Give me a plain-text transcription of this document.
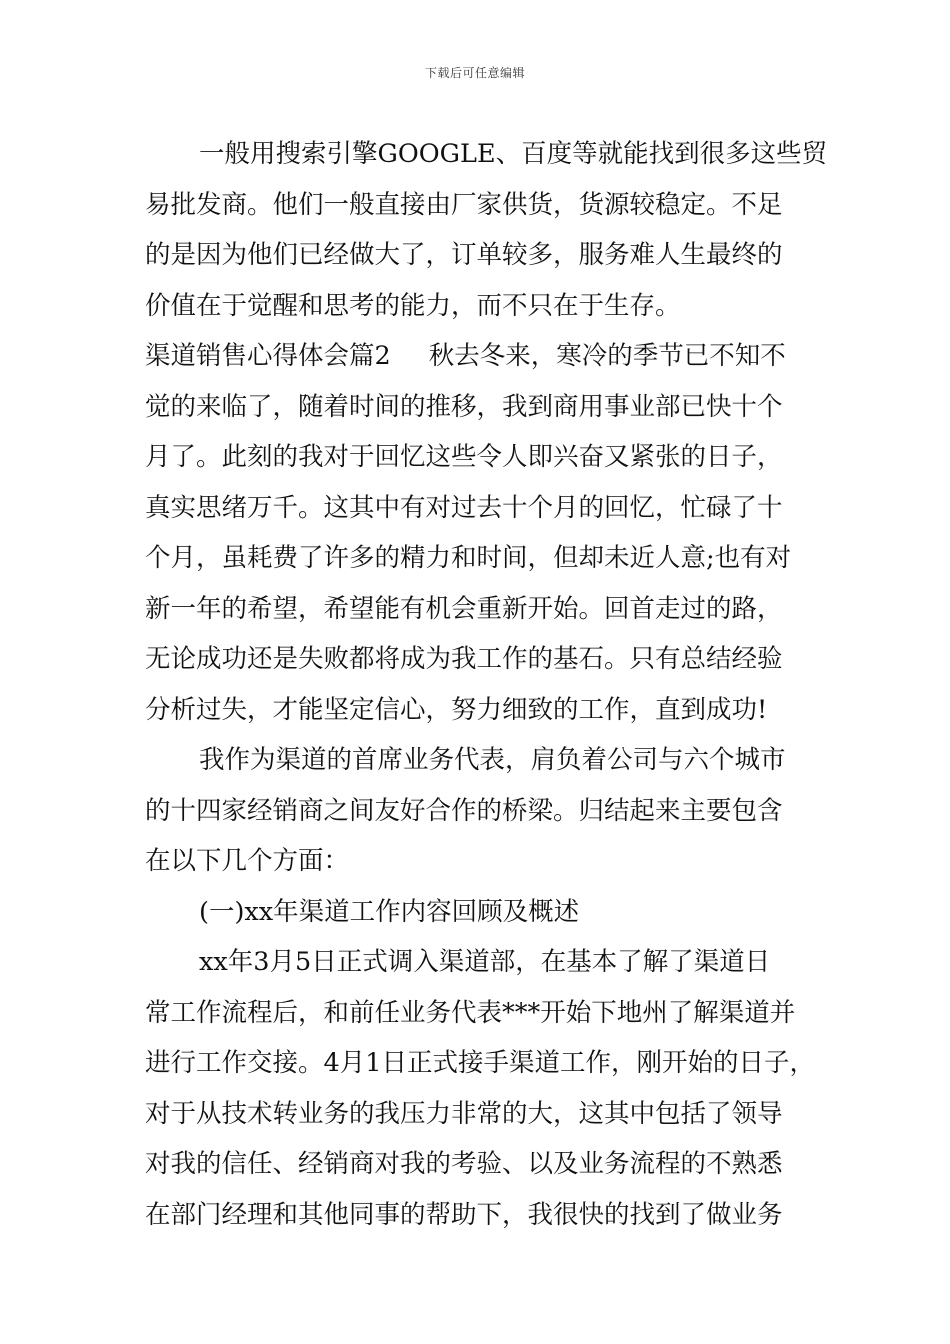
下载后可任意编辑
一般用搜索引擎GOOGLE、百度等就能找到很多这些贸
易批发商。他们一般直接由厂家供货，货源较稳定。不足
的是因为他们已经做大了，订单较多，服务难人生最终的
价值在于觉醒和思考的能力，而不只在于生存。
渠道销售心得体会篇2 秋去冬来，寒冷的季节已不知不
觉的来临了，随着时间的推移，我到商用事业部已快十个
月了。此刻的我对于回忆这些令人即兴奋又紧张的日子，
真实思绪万千。这其中有对过去十个月的回忆，忙碌了十
个月，虽耗费了许多的精力和时间，但却未近人意;也有对
新一年的希望，希望能有机会重新开始。回首走过的路，
无论成功还是失败都将成为我工作的基石。只有总结经验
分析过失，才能坚定信心，努力细致的工作，直到成功!
我作为渠道的首席业务代表，肩负着公司与六个城市
的十四家经销商之间友好合作的桥梁。归结起来主要包含
在以下几个方面：
(一)xx年渠道工作内容回顾及概述
xx年3月5日正式调入渠道部，在基本了解了渠道日
常工作流程后，和前任业务代表***开始下地州了解渠道并
进行工作交接。4月1日正式接手渠道工作，刚开始的日子，
对于从技术转业务的我压力非常的大，这其中包括了领导
对我的信任、经销商对我的考验、以及业务流程的不熟悉
在部门经理和其他同事的帮助下，我很快的找到了做业务
